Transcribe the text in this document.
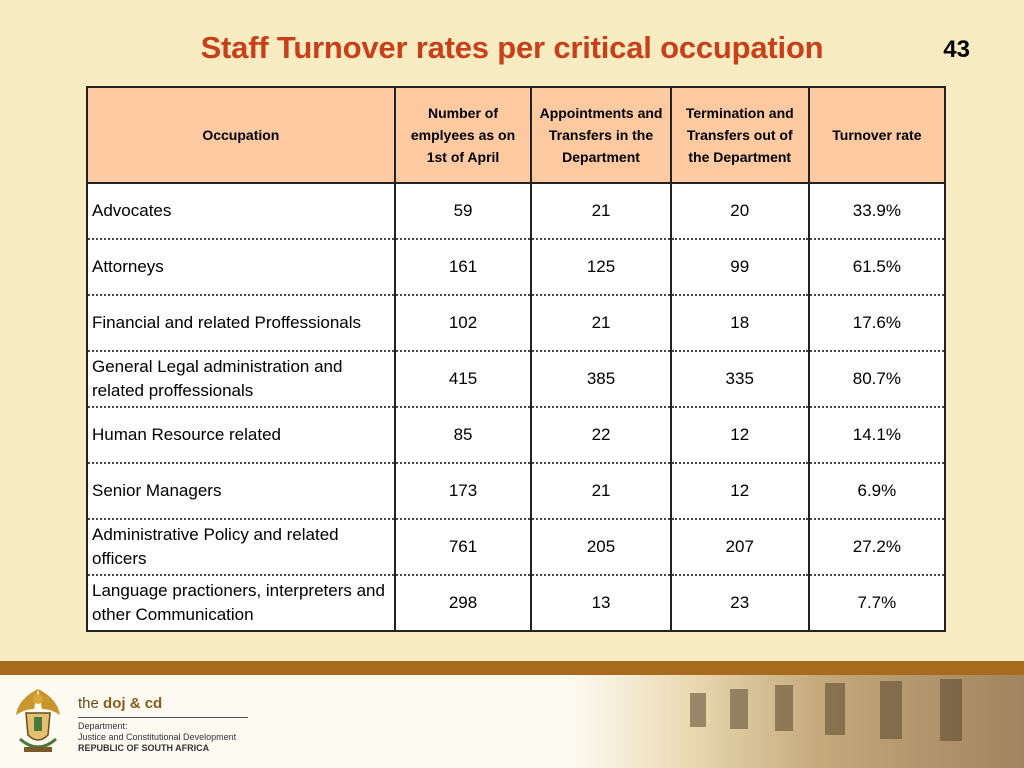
Staff Turnover rates per critical occupation	43
Occupation	Number of emplyees as on 1st of April	Appointments and Transfers in the Department	Termination and Transfers out of the Department	Turnover rate
Advocates	59	21	20	33.9%
Attorneys	161	125	99	61.5%
Financial and related Proffessionals	102	21	18	17.6%
General Legal administration and related proffessionals	415	385	335	80.7%
Human Resource related	85	22	12	14.1%
Senior Managers	173	21	12	6.9%
Administrative Policy and related officers	761	205	207	27.2%
Language practioners, interpreters and other Communication	298	13	23	7.7%
the doj & cd
Department:
Justice and Constitutional Development
REPUBLIC OF SOUTH AFRICA
